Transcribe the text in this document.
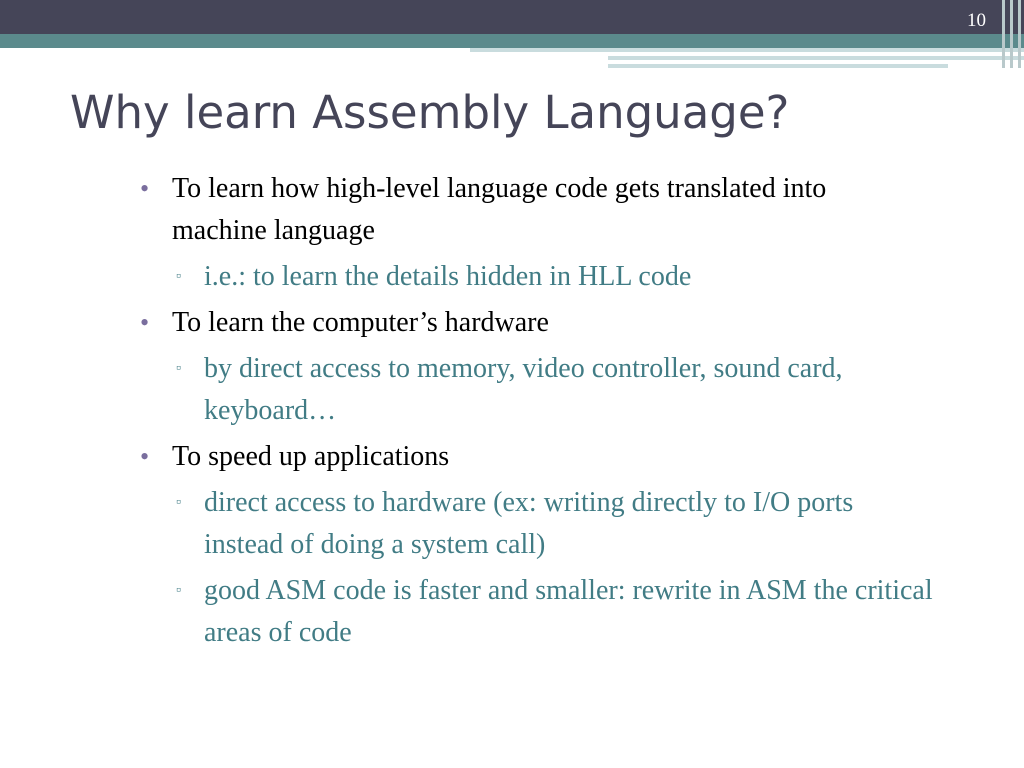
10
Why learn Assembly Language?
• To learn how high-level language code gets translated into machine language
▫ i.e.: to learn the details hidden in HLL code
• To learn the computer’s hardware
▫ by direct access to memory, video controller, sound card, keyboard…
• To speed up applications
▫ direct access to hardware (ex: writing directly to I/O ports instead of doing a system call)
▫ good ASM code is faster and smaller: rewrite in ASM the critical areas of code
